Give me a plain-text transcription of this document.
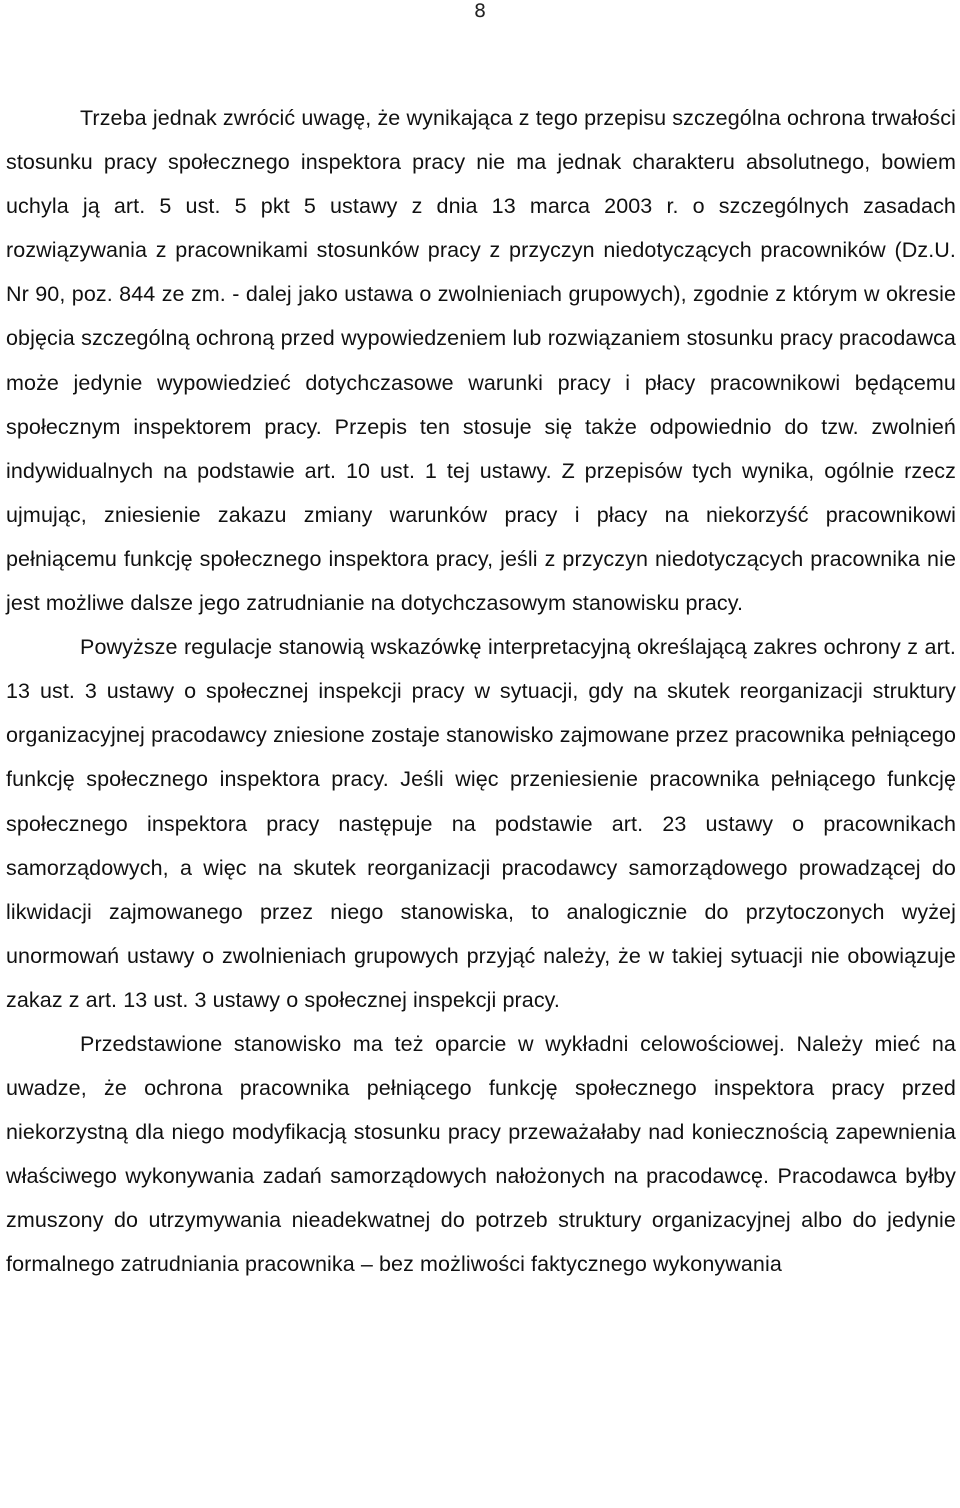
8

Trzeba jednak zwrócić uwagę, że wynikająca z tego przepisu szczególna ochrona trwałości stosunku pracy społecznego inspektora pracy nie ma jednak charakteru absolutnego, bowiem uchyla ją art. 5 ust. 5 pkt 5 ustawy z dnia 13 marca 2003 r. o szczególnych zasadach rozwiązywania z pracownikami stosunków pracy z przyczyn niedotyczących pracowników (Dz.U. Nr 90, poz. 844 ze zm. - dalej jako ustawa o zwolnieniach grupowych), zgodnie z którym w okresie objęcia szczególną ochroną przed wypowiedzeniem lub rozwiązaniem stosunku pracy pracodawca może jedynie wypowiedzieć dotychczasowe warunki pracy i płacy pracownikowi będącemu społecznym inspektorem pracy. Przepis ten stosuje się także odpowiednio do tzw. zwolnień indywidualnych na podstawie art. 10 ust. 1 tej ustawy. Z przepisów tych wynika, ogólnie rzecz ujmując, zniesienie zakazu zmiany warunków pracy i płacy na niekorzyść pracownikowi pełniącemu funkcję społecznego inspektora pracy, jeśli z przyczyn niedotyczących pracownika nie jest możliwe dalsze jego zatrudnianie na dotychczasowym stanowisku pracy.

Powyższe regulacje stanowią wskazówkę interpretacyjną określającą zakres ochrony z art. 13 ust. 3 ustawy o społecznej inspekcji pracy w sytuacji, gdy na skutek reorganizacji struktury organizacyjnej pracodawcy zniesione zostaje stanowisko zajmowane przez pracownika pełniącego funkcję społecznego inspektora pracy. Jeśli więc przeniesienie pracownika pełniącego funkcję społecznego inspektora pracy następuje na podstawie art. 23 ustawy o pracownikach samorządowych, a więc na skutek reorganizacji pracodawcy samorządowego prowadzącej do likwidacji zajmowanego przez niego stanowiska, to analogicznie do przytoczonych wyżej unormowań ustawy o zwolnieniach grupowych przyjąć należy, że w takiej sytuacji nie obowiązuje zakaz z art. 13 ust. 3 ustawy o społecznej inspekcji pracy.

Przedstawione stanowisko ma też oparcie w wykładni celowościowej. Należy mieć na uwadze, że ochrona pracownika pełniącego funkcję społecznego inspektora pracy przed niekorzystną dla niego modyfikacją stosunku pracy przeważałaby nad koniecznością zapewnienia właściwego wykonywania zadań samorządowych nałożonych na pracodawcę. Pracodawca byłby zmuszony do utrzymywania nieadekwatnej do potrzeb struktury organizacyjnej albo do jedynie formalnego zatrudniania pracownika – bez możliwości faktycznego wykonywania
